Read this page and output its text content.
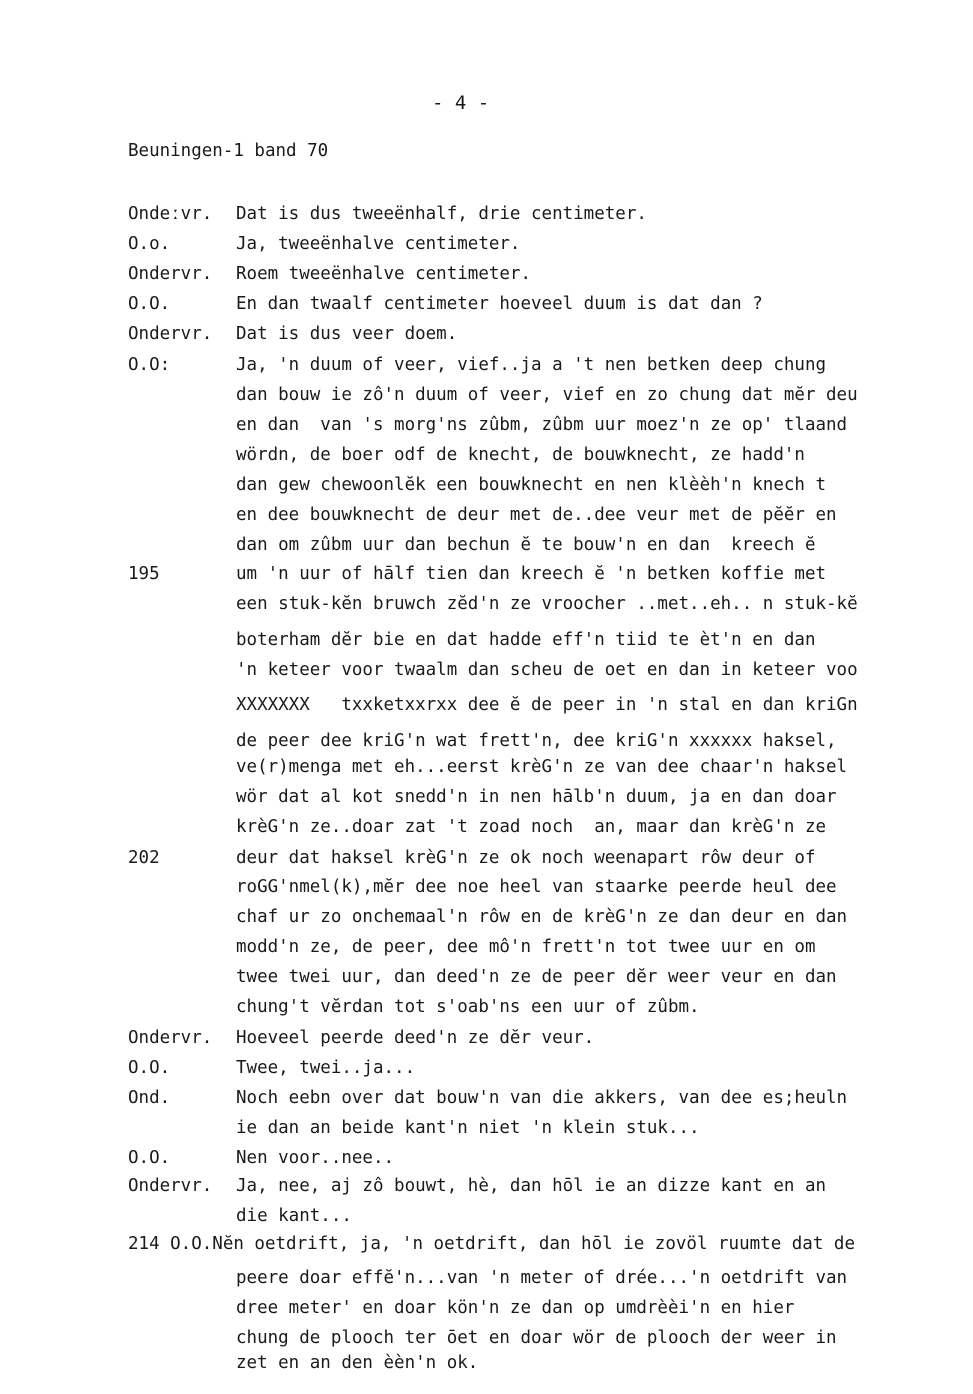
- 4 -
Beuningen-1 band 70
Ondeːvr. Dat is dus tweeënhalf, drie centimeter.
O.o.	Ja, tweeënhalve centimeter.
Ondervr. Roem tweeënhalve centimeter.
O.O.	En dan twaalf centimeter hoeveel duum is dat dan ?
Ondervr. Dat is dus veer doem.
O.O:	Ja, 'n duum of veer, vief..ja a 't nen betken deep chung
dan bouw ie zô'n duum of veer, vief en zo chung dat mĕr deu
en dan  van 's morg'ns zûbm, zûbm uur moez'n ze op' tlaand
wördn, de boer odf de knecht, de bouwknecht, ze hadd'n
dan gew chewoonlĕk een bouwknecht en nen klèèh'n knech t
en dee bouwknecht de deur met de..dee veur met de pĕĕr en
dan om zûbm uur dan bechun ĕ te bouw'n en dan  kreech ĕ
195	um 'n uur of hālf tien dan kreech ĕ 'n betken koffie met
een stuk-kĕn bruwch zĕd'n ze vroocher ..met..eh.. n stuk-kĕ
boterham dĕr bie en dat hadde eff'n tiid te èt'n en dan
'n keteer voor twaalm dan scheu de oet en dan in keteer voo
XXXXXXX   txxketxxrxx dee ĕ de peer in 'n stal en dan kriGn
de peer dee kriG'n wat frett'n, dee kriG'n xxxxxx haksel,
ve(r)menga met eh...eerst krèG'n ze van dee chaar'n haksel
wör dat al kot snedd'n in nen hālb'n duum, ja en dan doar
krèG'n ze..doar zat 't zoad noch  an, maar dan krèG'n ze
202	deur dat haksel krèG'n ze ok noch weenapart rôw deur of
roGG'nmel(k),mĕr dee noe heel van staarke peerde heul dee
chaf ur zo onchemaal'n rôw en de krèG'n ze dan deur en dan
modd'n ze, de peer, dee mô'n frett'n tot twee uur en om
twee twei uur, dan deed'n ze de peer dĕr weer veur en dan
chung't vĕrdan tot s'oab'ns een uur of zûbm.
Ondervr. Hoeveel peerde deed'n ze dĕr veur.
O.O.	Twee, twei..ja...
Ond.	Noch eebn over dat bouw'n van die akkers, van dee es;heuln
ie dan an beide kant'n niet 'n klein stuk...
O.O.	Nen voor..nee..
Ondervr. Ja, nee, aj zô bouwt, hè, dan hōl ie an dizze kant en an
die kant...
214 O.O.Nĕn oetdrift, ja, 'n oetdrift, dan hōl ie zovöl ruumte dat de
peere doar effĕ'n...van 'n meter of drée...'n oetdrift van
dree meter' en doar kön'n ze dan op umdrèèi'n en hier
chung de plooch ter ōet en doar wör de plooch der weer in
zet en an den èèn'n ok.
